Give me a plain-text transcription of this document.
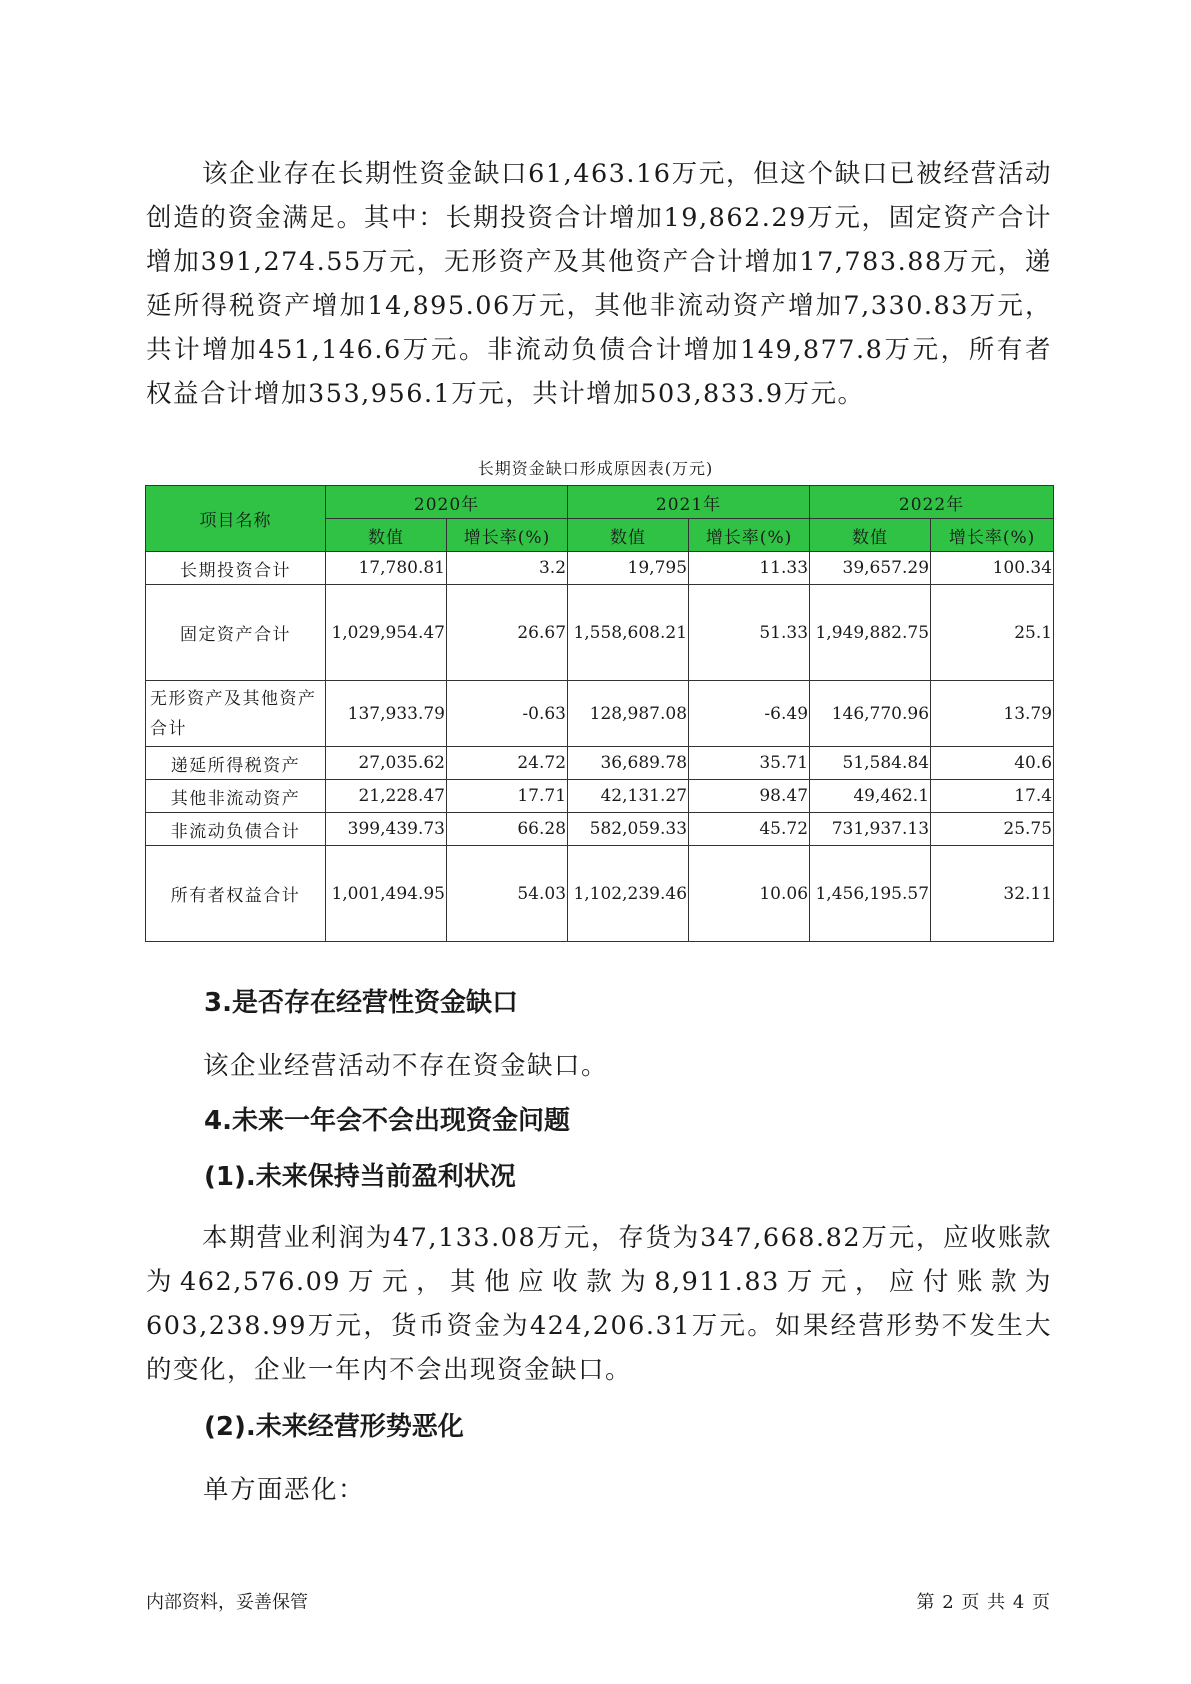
该企业存在长期性资金缺口61,463.16万元，但这个缺口已被经营活动创造的资金满足。其中：长期投资合计增加19,862.29万元，固定资产合计增加391,274.55万元，无形资产及其他资产合计增加17,783.88万元，递延所得税资产增加14,895.06万元，其他非流动资产增加7,330.83万元，共计增加451,146.6万元。非流动负债合计增加149,877.8万元，所有者权益合计增加353,956.1万元，共计增加503,833.9万元。

长期资金缺口形成原因表(万元)
项目名称	2020年		2021年		2022年	
	数值	增长率(%)	数值	增长率(%)	数值	增长率(%)
长期投资合计	17,780.81	3.2	19,795	11.33	39,657.29	100.34
固定资产合计	1,029,954.47	26.67	1,558,608.21	51.33	1,949,882.75	25.1
无形资产及其他资产合计	137,933.79	-0.63	128,987.08	-6.49	146,770.96	13.79
递延所得税资产	27,035.62	24.72	36,689.78	35.71	51,584.84	40.6
其他非流动资产	21,228.47	17.71	42,131.27	98.47	49,462.1	17.4
非流动负债合计	399,439.73	66.28	582,059.33	45.72	731,937.13	25.75
所有者权益合计	1,001,494.95	54.03	1,102,239.46	10.06	1,456,195.57	32.11
3.是否存在经营性资金缺口

该企业经营活动不存在资金缺口。

4.未来一年会不会出现资金问题
(1).未来保持当前盈利状况

本期营业利润为47,133.08万元，存货为347,668.82万元，应收账款为462,576.09万元，其他应收款为8,911.83万元，应付账款为603,238.99万元，货币资金为424,206.31万元。如果经营形势不发生大的变化，企业一年内不会出现资金缺口。

(2).未来经营形势恶化

单方面恶化：

内部资料，妥善保管	第 2 页 共 4 页
